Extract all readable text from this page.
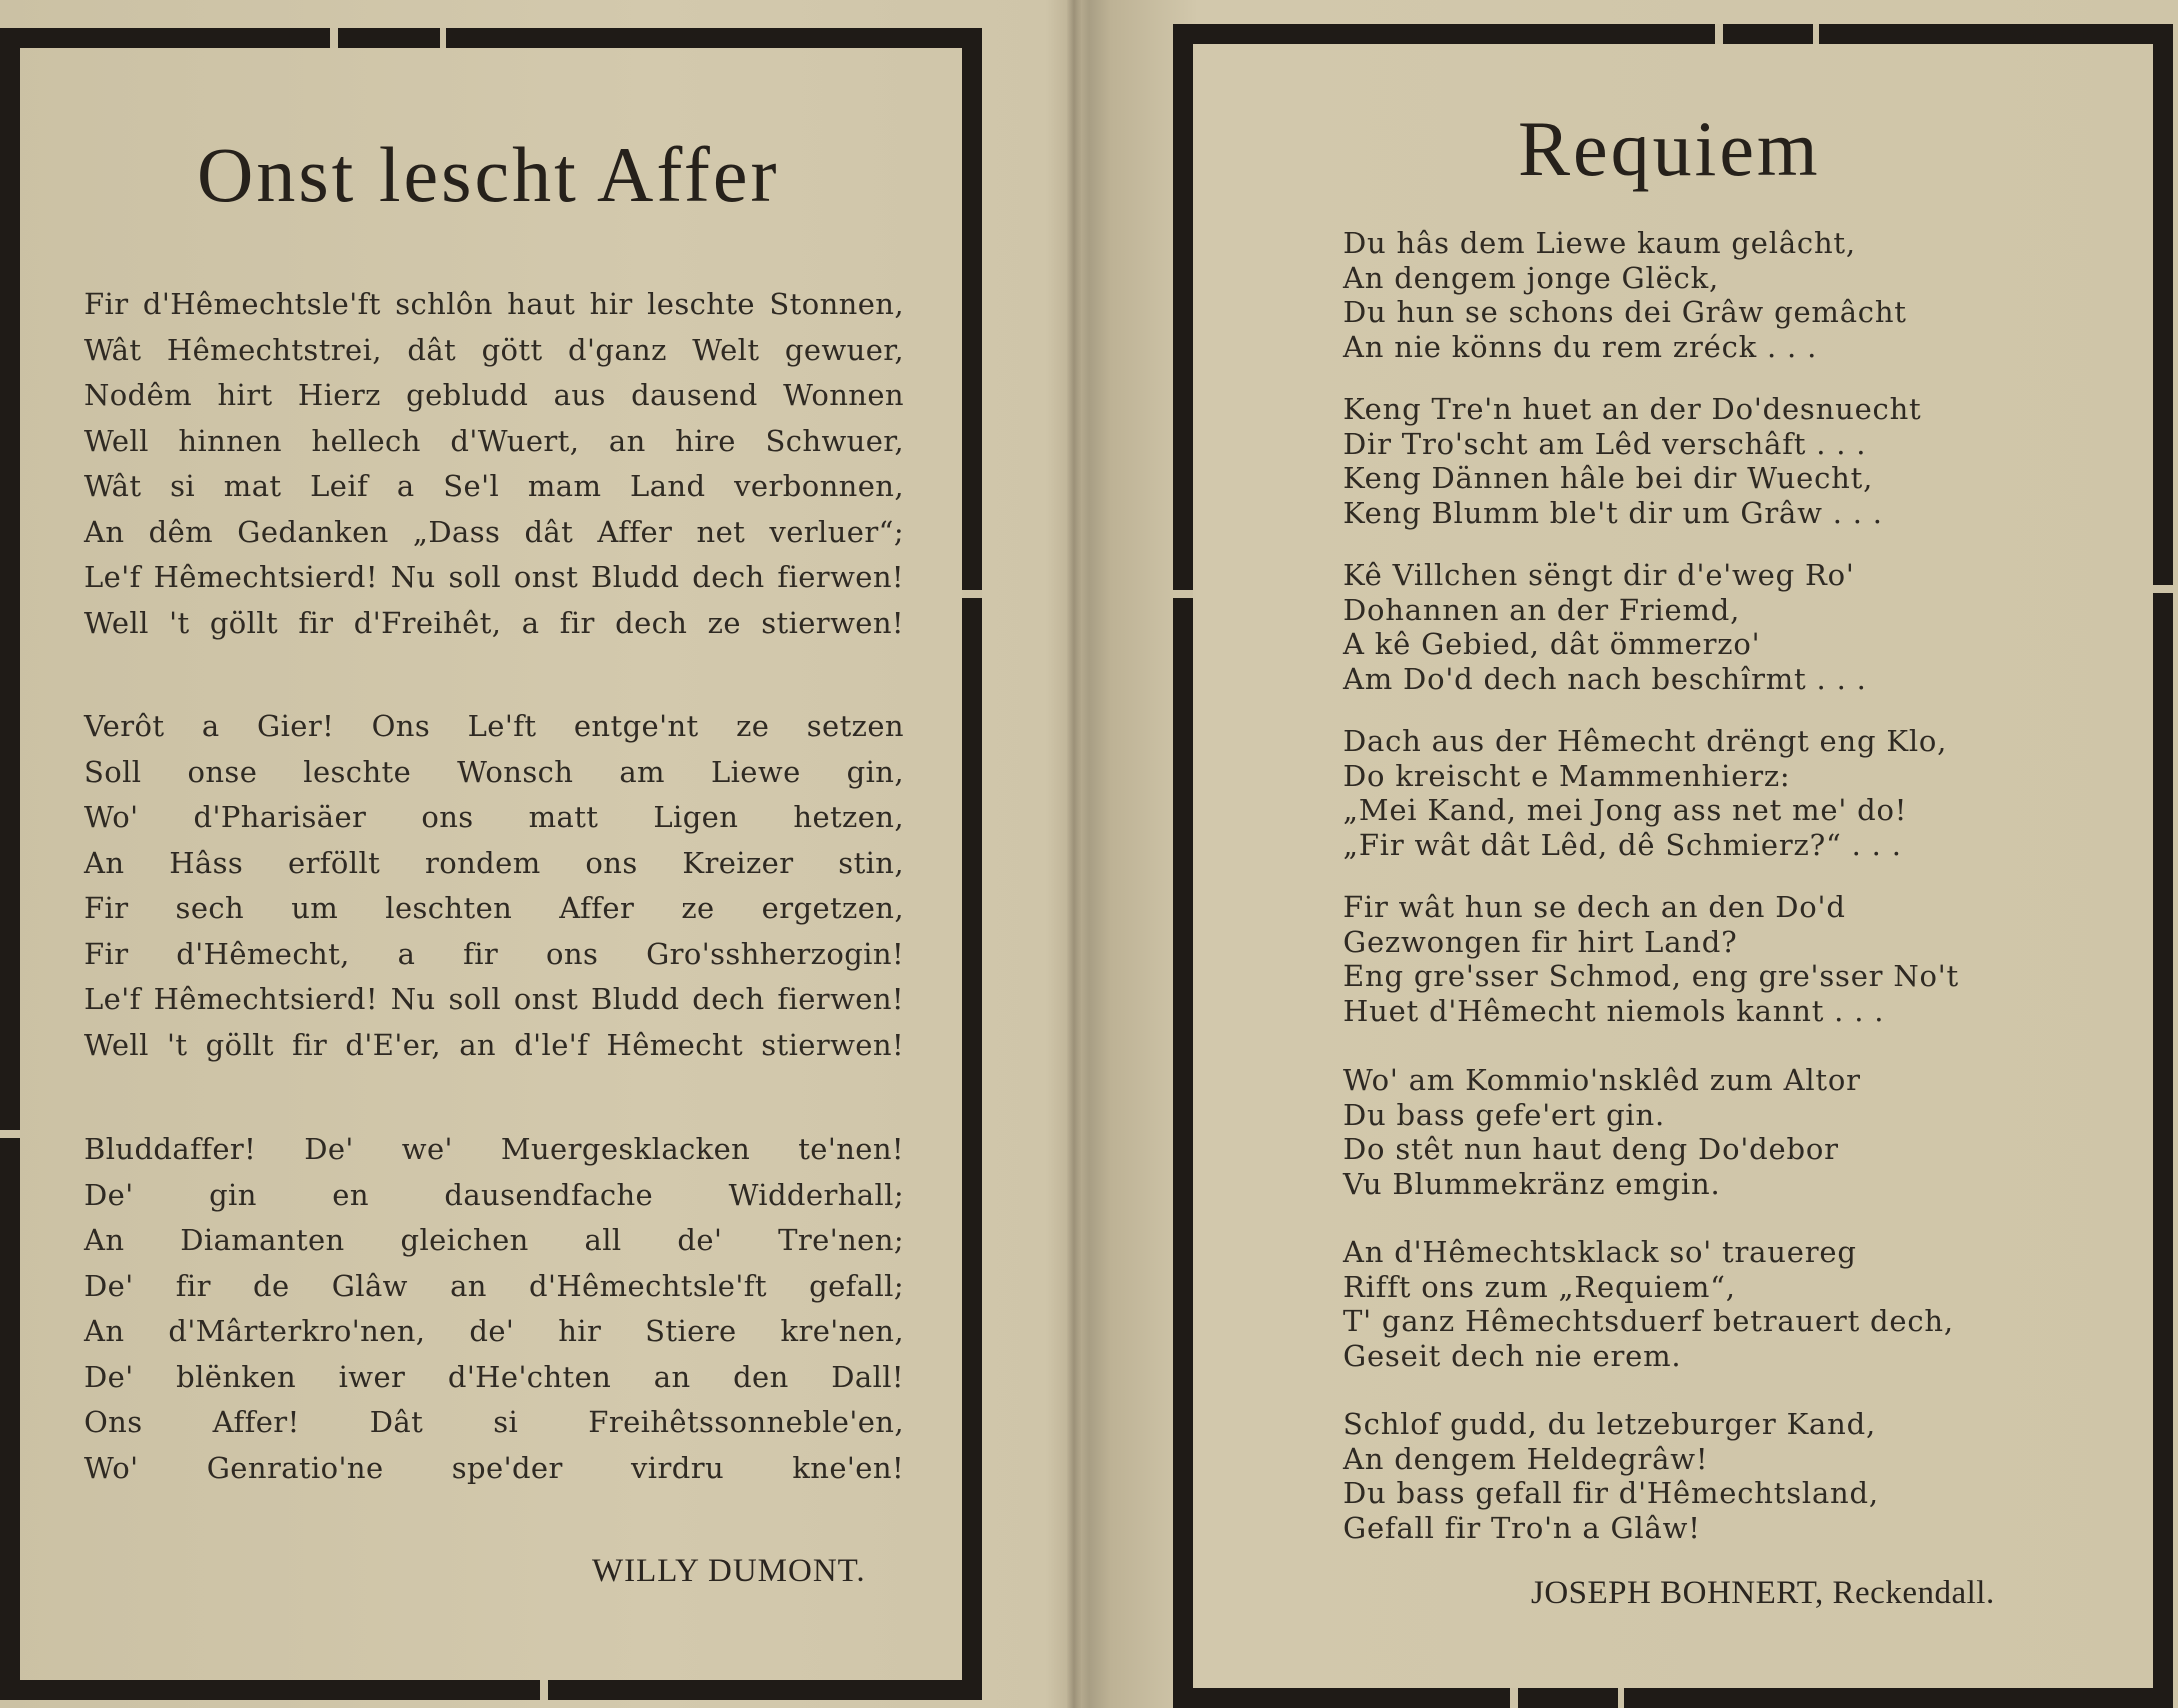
Onst lescht Affer
Fir d'Hêmechtsle'ft schlôn haut hir leschte Stonnen,
Wât Hêmechtstrei, dât gött d'ganz Welt gewuer,
Nodêm hirt Hierz gebludd aus dausend Wonnen
Well hinnen hellech d'Wuert, an hire Schwuer,
Wât si mat Leif a Se'l mam Land verbonnen,
An dêm Gedanken „Dass dât Affer net verluer“;
Le'f Hêmechtsierd! Nu soll onst Bludd dech fierwen!
Well 't göllt fir d'Freihêt, a fir dech ze stierwen!
Verôt a Gier! Ons Le'ft entge'nt ze setzen
Soll onse leschte Wonsch am Liewe gin,
Wo' d'Pharisäer ons matt Ligen hetzen,
An Hâss erföllt rondem ons Kreizer stin,
Fir sech um leschten Affer ze ergetzen,
Fir d'Hêmecht, a fir ons Gro'sshherzogin!
Le'f Hêmechtsierd! Nu soll onst Bludd dech fierwen!
Well 't göllt fir d'E'er, an d'le'f Hêmecht stierwen!
Bluddaffer! De' we' Muergesklacken te'nen!
De' gin en dausendfache Widderhall;
An Diamanten gleichen all de' Tre'nen;
De' fir de Glâw an d'Hêmechtsle'ft gefall;
An d'Mârterkro'nen, de' hir Stiere kre'nen,
De' blënken iwer d'He'chten an den Dall!
Ons Affer! Dât si Freihêtssonneble'en,
Wo' Genratio'ne spe'der virdru kne'en!

WILLY DUMONT.

Requiem
Du hâs dem Liewe kaum gelâcht,
An dengem jonge Glëck,
Du hun se schons dei Grâw gemâcht
An nie könns du rem zréck . . .
Keng Tre'n huet an der Do'desnuecht
Dir Tro'scht am Lêd verschâft . . .
Keng Dännen hâle bei dir Wuecht,
Keng Blumm ble't dir um Grâw . . .
Kê Villchen sëngt dir d'e'weg Ro'
Dohannen an der Friemd,
A kê Gebied, dât ömmerzo'
Am Do'd dech nach beschîrmt . . .
Dach aus der Hêmecht drëngt eng Klo,
Do kreischt e Mammenhierz:
„Mei Kand, mei Jong ass net me' do!
„Fir wât dât Lêd, dê Schmierz?“ . . .
Fir wât hun se dech an den Do'd
Gezwongen fir hirt Land?
Eng gre'sser Schmod, eng gre'sser No't
Huet d'Hêmecht niemols kannt . . .
Wo' am Kommio'nsklêd zum Altor
Du bass gefe'ert gin.
Do stêt nun haut deng Do'debor
Vu Blummekränz emgin.
An d'Hêmechtsklack so' trauereg
Rifft ons zum „Requiem“,
T' ganz Hêmechtsduerf betrauert dech,
Geseit dech nie erem.
Schlof gudd, du letzeburger Kand,
An dengem Heldegrâw!
Du bass gefall fir d'Hêmechtsland,
Gefall fir Tro'n a Glâw!

JOSEPH BOHNERT, Reckendall.
